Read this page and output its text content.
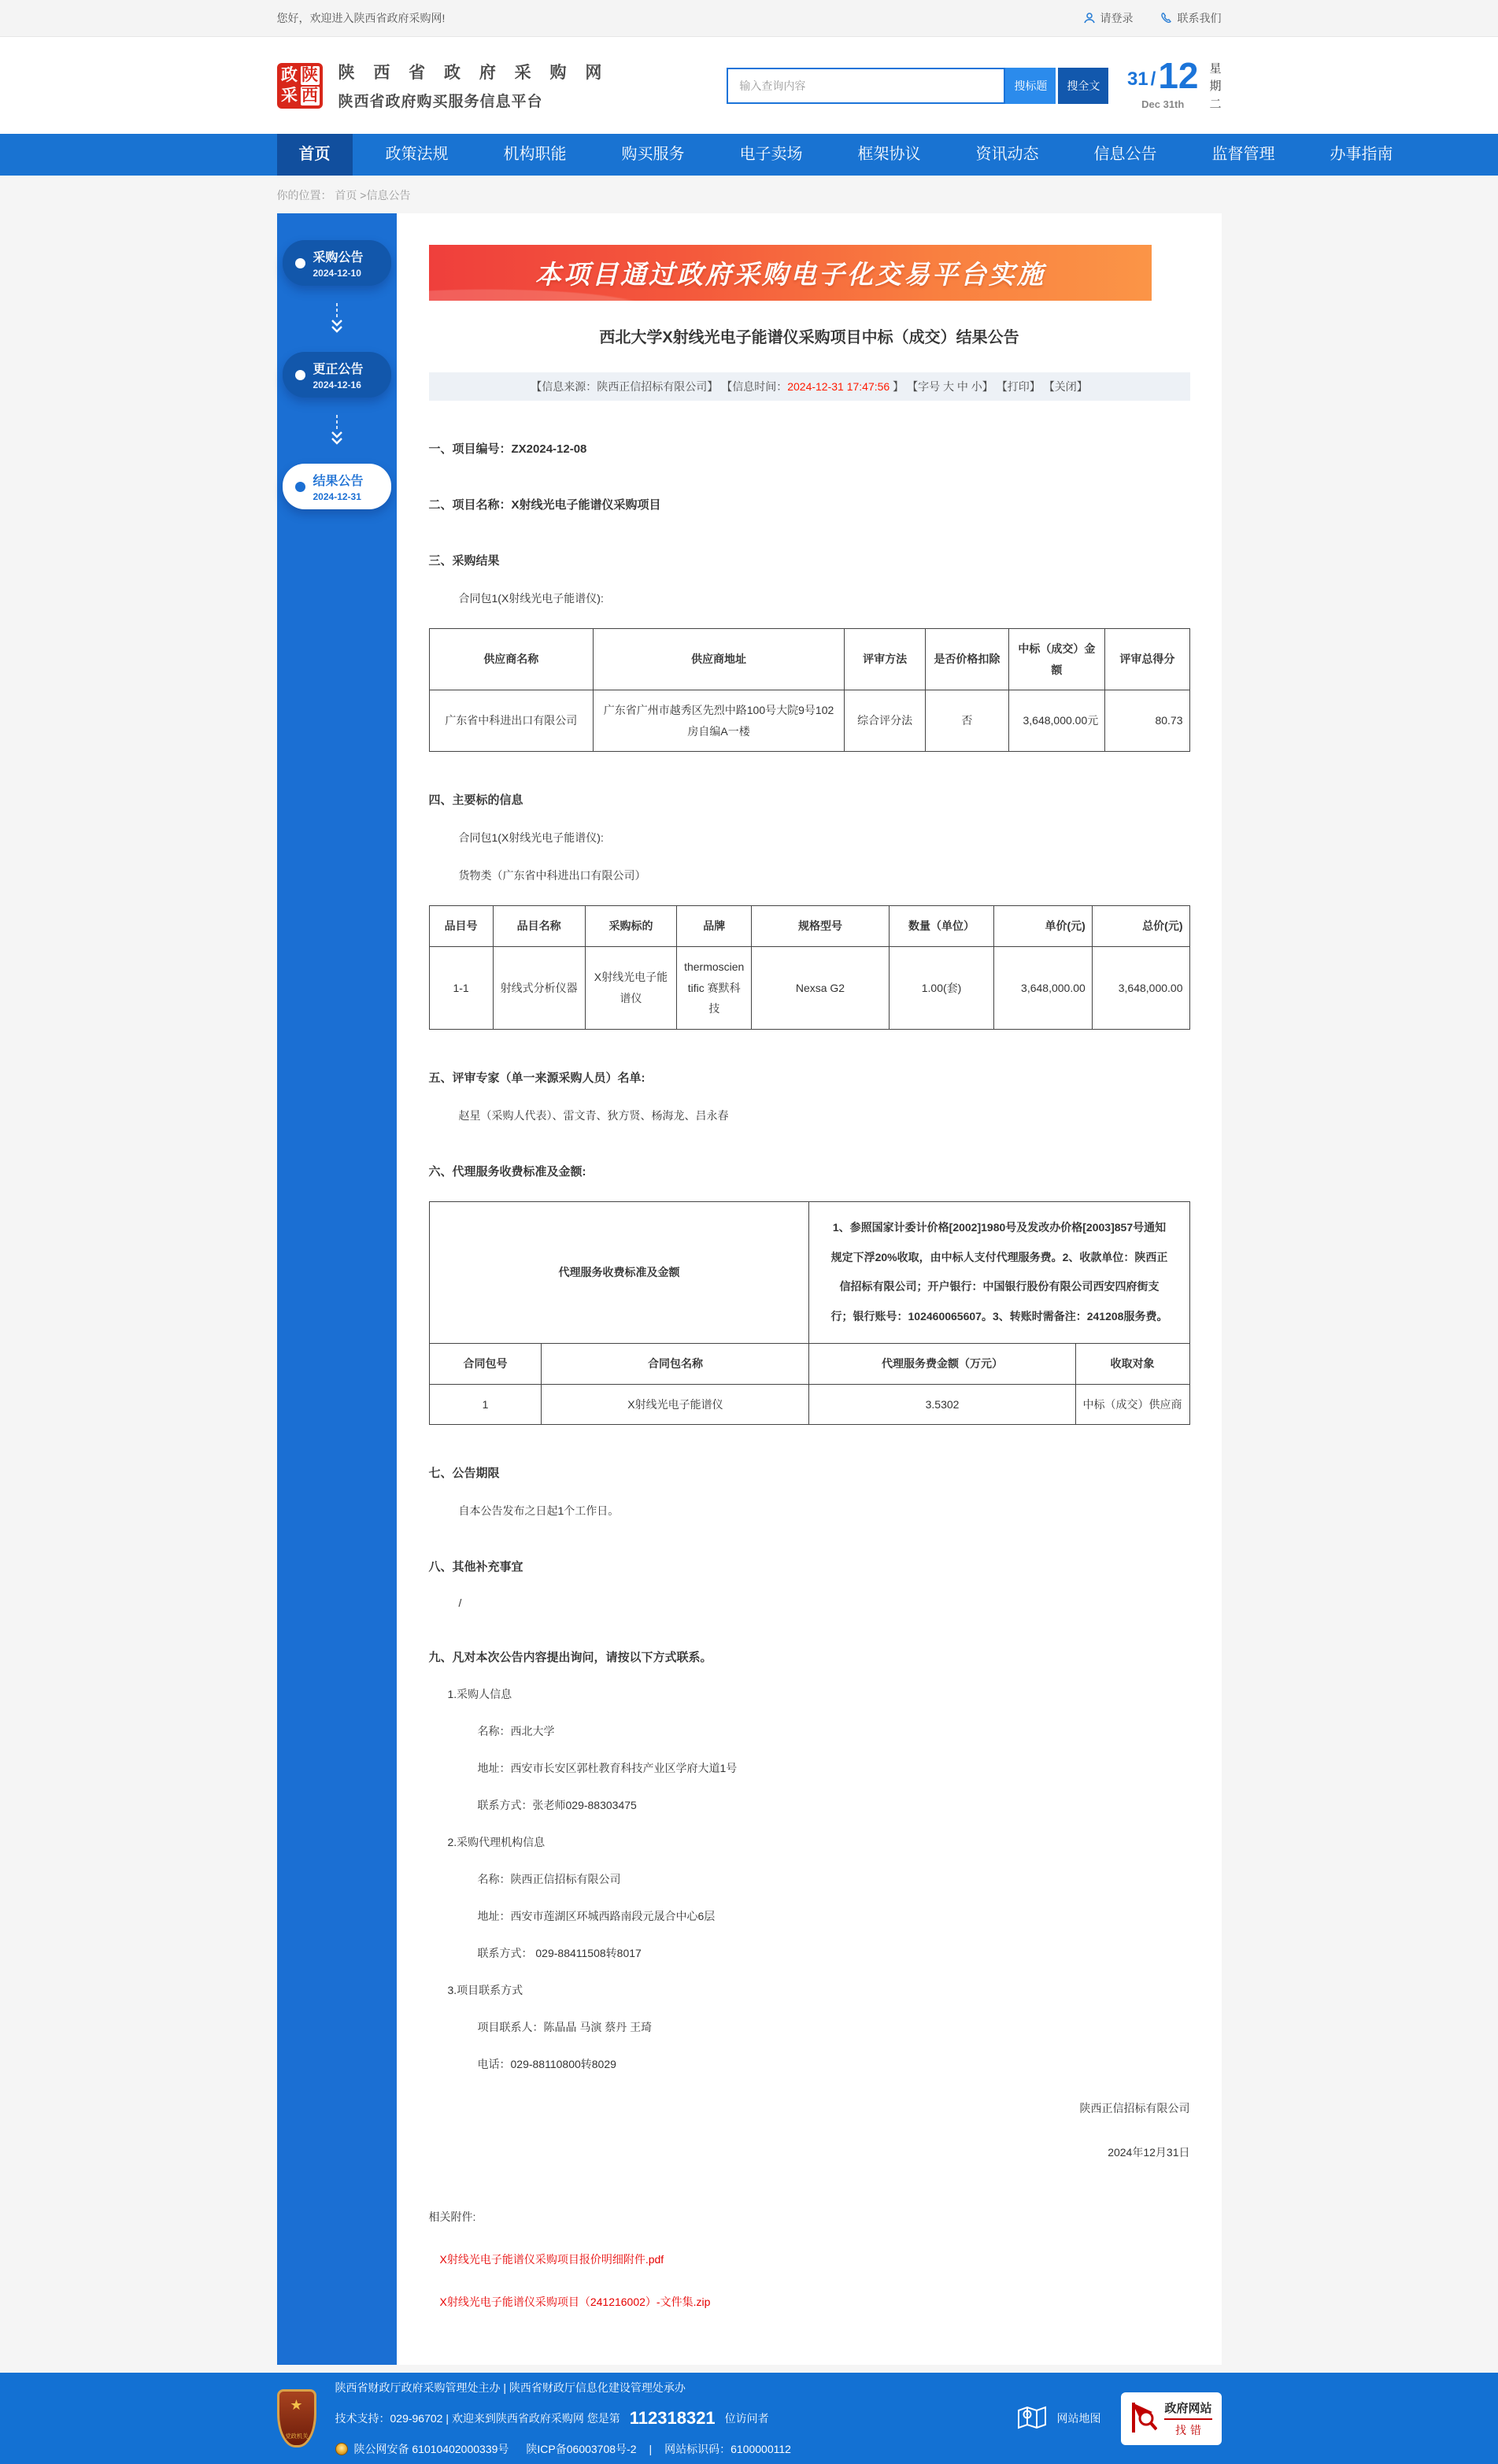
您好，欢迎进入陕西省政府采购网!	请登录	联系我们
政 陕
采 西
陕 西 省 政 府 采 购 网
陕西省政府购买服务信息平台
输入查询内容
搜标题	搜全文	31 / 12
Dec 31th
星期二
首页	政策法规	机构职能	购买服务	电子卖场	框架协议	资讯动态	信息公告	监督管理	办事指南
你的位置： 首页 >信息公告
采购公告
2024-12-10
更正公告
2024-12-16
结果公告
2024-12-31
本项目通过政府采购电子化交易平台实施
西北大学X射线光电子能谱仪采购项目中标（成交）结果公告
【信息来源：陕西正信招标有限公司】 【信息时间：2024-12-31 17:47:56 】 【字号 大 中 小】 【打印】 【关闭】
一、项目编号：ZX2024-12-08
二、项目名称：X射线光电子能谱仪采购项目
三、采购结果
合同包1(X射线光电子能谱仪):
供应商名称	供应商地址	评审方法	是否价格扣除	中标（成交）金额	评审总得分
广东省中科进出口有限公司	广东省广州市越秀区先烈中路100号大院9号102房自编A一楼	综合评分法	否	3,648,000.00元	80.73
四、主要标的信息
合同包1(X射线光电子能谱仪):
货物类（广东省中科进出口有限公司）
品目号	品目名称	采购标的	品牌	规格型号	数量（单位）	单价(元)	总价(元)
1-1	射线式分析仪器	X射线光电子能谱仪	thermoscientific 赛默科技	Nexsa G2	1.00(套)	3,648,000.00	3,648,000.00
五、评审专家（单一来源采购人员）名单:
赵星（采购人代表）、雷文青、狄方贤、杨海龙、吕永春
六、代理服务收费标准及金额:
代理服务收费标准及金额		1、参照国家计委计价格[2002]1980号及发改办价格[2003]857号通知规定下浮20%收取，由中标人支付代理服务费。2、收款单位：陕西正信招标有限公司；开户银行：中国银行股份有限公司西安四府街支行；银行账号：102460065607。3、转账时需备注：241208服务费。	
合同包号	合同包名称	代理服务费金额（万元）	收取对象
1	X射线光电子能谱仪	3.5302	中标（成交）供应商
七、公告期限
自本公告发布之日起1个工作日。
八、其他补充事宜
/
九、凡对本次公告内容提出询问，请按以下方式联系。
1.采购人信息
名称：西北大学
地址：西安市长安区郭杜教育科技产业区学府大道1号
联系方式：张老师029-88303475
2.采购代理机构信息
名称：陕西正信招标有限公司
地址：西安市莲湖区环城西路南段元晟合中心6层
联系方式： 029-88411508转8017
3.项目联系方式
项目联系人：陈晶晶 马演 蔡丹 王琦
电话：029-88110800转8029
陕西正信招标有限公司
2024年12月31日
相关附件:
X射线光电子能谱仪采购项目报价明细附件.pdf
X射线光电子能谱仪采购项目（241216002）-文件集.zip
★
党政机关
陕西省财政厅政府采购管理处主办 | 陕西省财政厅信息化建设管理处承办
技术支持：029-96702 | 欢迎来到陕西省政府采购网 您是第 112318321 位访问者
陕公网安备 61010402000339号 陕ICP备06003708号-2 | 网站标识码：6100000112
网站地图
政府网站
找错
